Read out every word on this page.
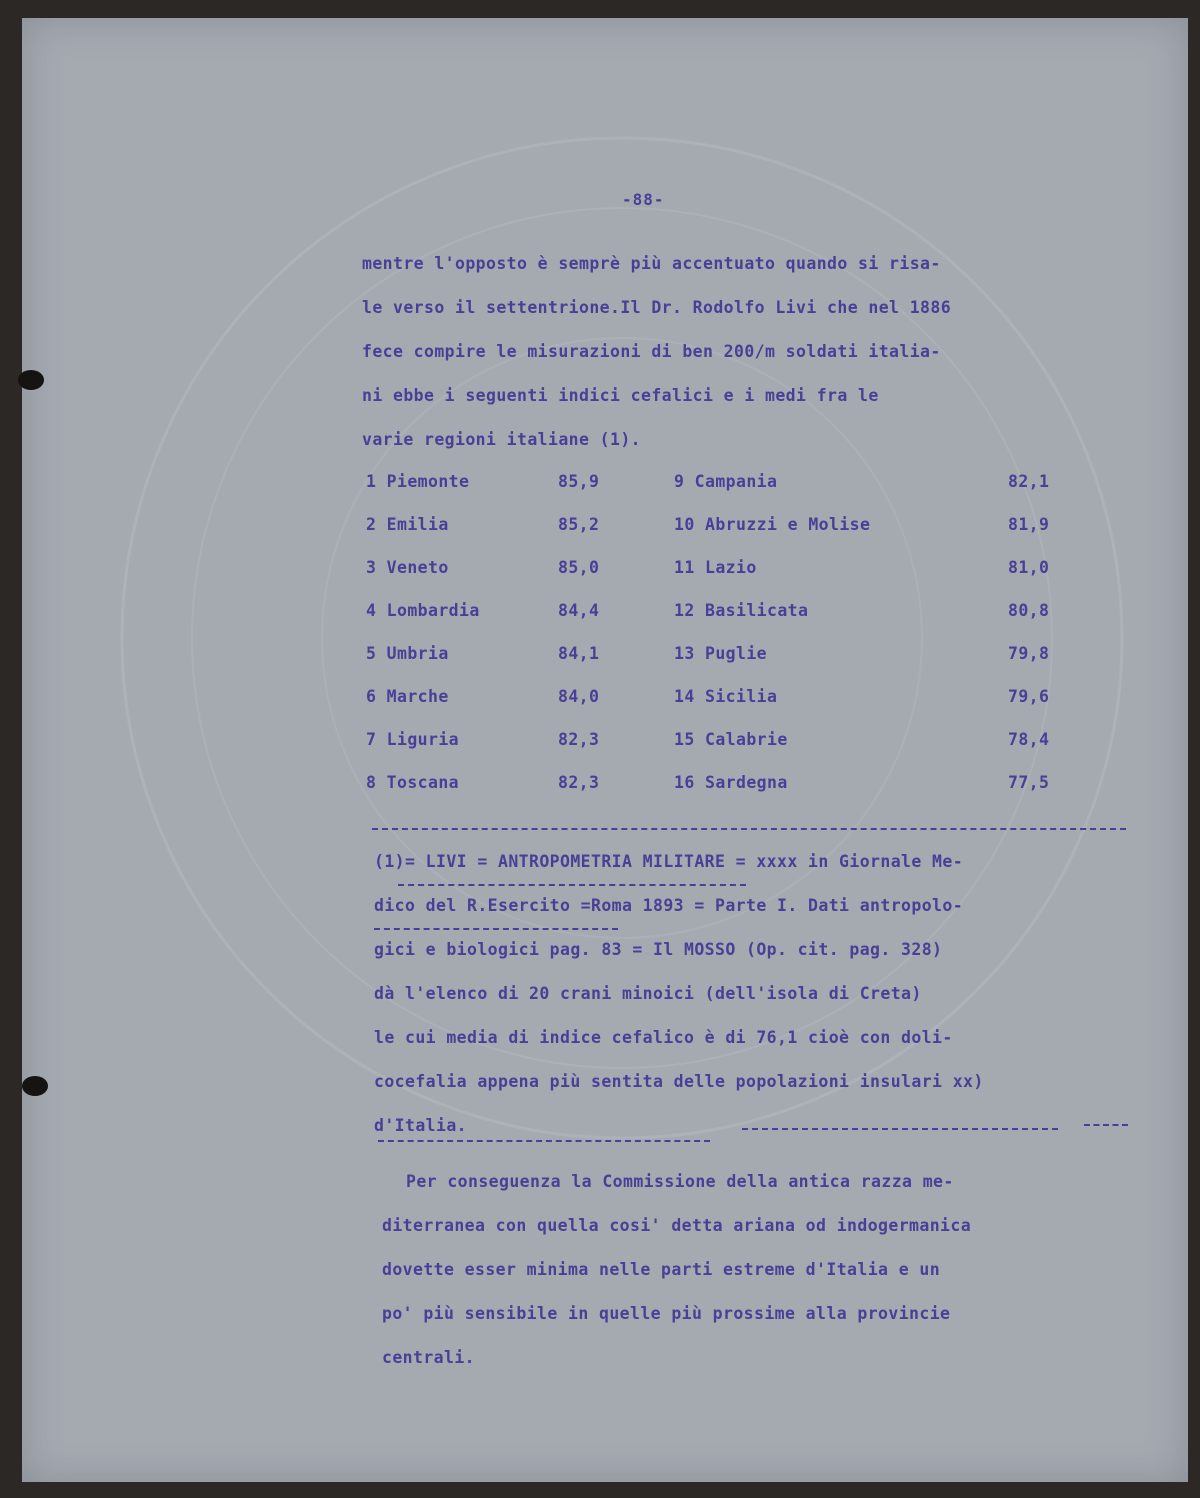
-88-
mentre l'opposto è semprè più accentuato quando si risa-
le verso il settentrione.Il Dr. Rodolfo Livi che nel 1886
fece compire le misurazioni di ben 200/m soldati italia-
ni ebbe i seguenti indici cefalici e i medi fra le
varie regioni italiane (1).
1 Piemonte	85,9	9 Campania	82,1
2 Emilia	85,2	10 Abruzzi e Molise	81,9
3 Veneto	85,0	11 Lazio	81,0
4 Lombardia	84,4	12 Basilicata	80,8
5 Umbria	84,1	13 Puglie	79,8
6 Marche	84,0	14 Sicilia	79,6
7 Liguria	82,3	15 Calabrie	78,4
8 Toscana	82,3	16 Sardegna	77,5
(1)= LIVI = ANTROPOMETRIA MILITARE = xxxx in Giornale Me-
dico del R.Esercito =Roma 1893 = Parte I. Dati antropolo-
gici e biologici pag. 83 = Il MOSSO (Op. cit. pag. 328)
dà l'elenco di 20 crani minoici (dell'isola di Creta)
le cui media di indice cefalico è di 76,1 cioè con doli-
cocefalia appena più sentita delle popolazioni insulari xx)
d'Italia.
Per conseguenza la Commissione della antica razza me-
diterranea con quella cosi' detta ariana od indogermanica
dovette esser minima nelle parti estreme d'Italia e un
po' più sensibile in quelle più prossime alla provincie
centrali.
